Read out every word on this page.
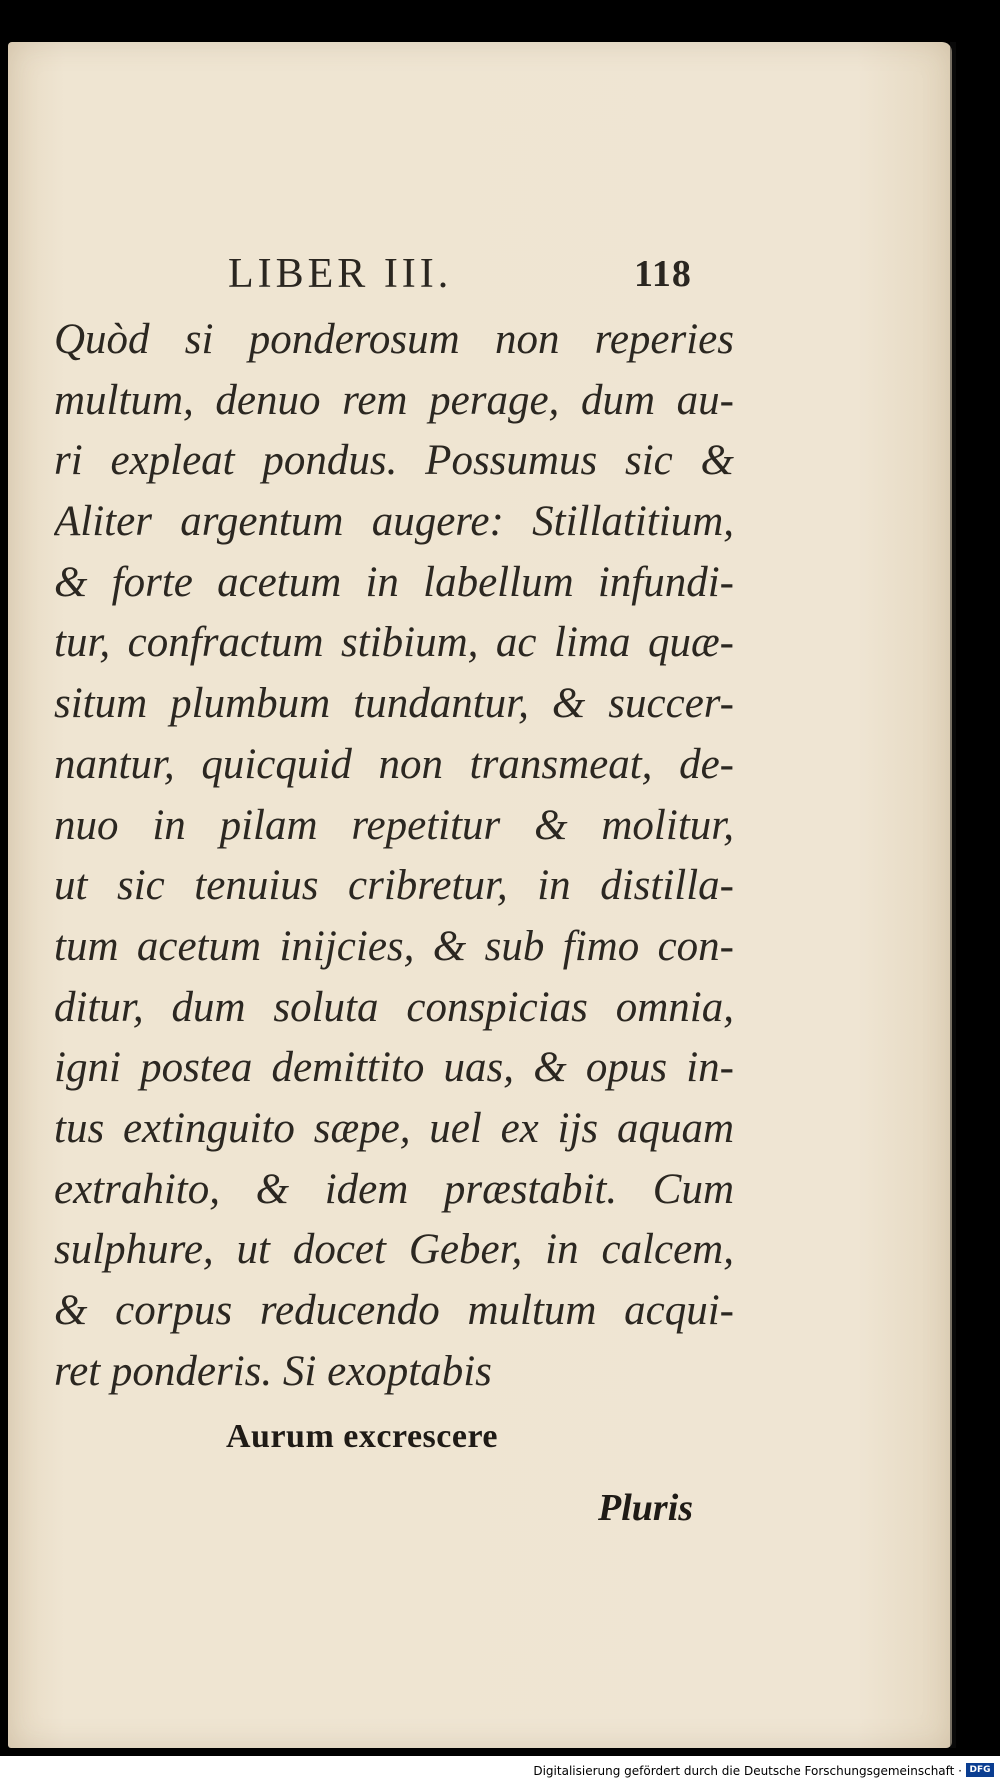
LIBER III.	118
Quòd si ponderosum non reperies
multum, denuo rem perage, dum au-
ri expleat pondus. Possumus sic &
Aliter argentum augere: Stillatitium,
& forte acetum in labellum infundi-
tur, confractum stibium, ac lima quæ-
situm plumbum tundantur, & succer-
nantur, quicquid non transmeat, de-
nuo in pilam repetitur & molitur,
ut sic tenuius cribretur, in distilla-
tum acetum inijcies, & sub fimo con-
ditur, dum soluta conspicias omnia,
igni postea demittito uas, & opus in-
tus extinguito sæpe, uel ex ijs aquam
extrahito, & idem præstabit. Cum
sulphure, ut docet Geber, in calcem,
& corpus reducendo multum acqui-
ret ponderis. Si exoptabis
Aurum excrescere
Pluris
Digitalisierung gefördert durch die Deutsche Forschungsgemeinschaft · DFG
